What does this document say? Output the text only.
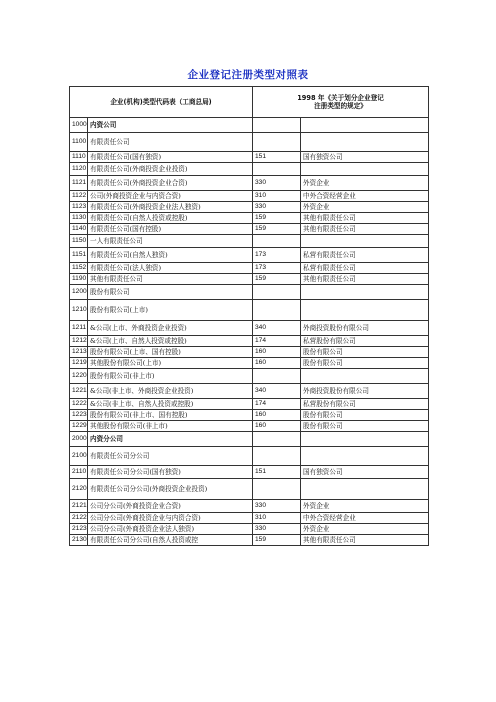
企业登记注册类型对照表
企业(机构)类型代码表（工商总局)		1998 年《关于划分企业登记
注册类型的规定》	

1000	内资公司		
1100	有限责任公司		
1110	有限责任公司(国有独资)	151	国有独资公司
1120	有限责任公司(外商投资企业投资)		
1121	有限责任公司(外商投资企业合资)	330	外资企业
1122	公司(外商投资企业与内资合资)	310	中外合资经营企业
1123	有限责任公司(外商投资企业法人独资)	330	外资企业
1130	有限责任公司(自然人投资或控股)	159	其他有限责任公司
1140	有限责任公司(国有控股)	159	其他有限责任公司
1150	一人有限责任公司		
1151	有限责任公司(自然人独资)	173	私营有限责任公司
1152	有限责任公司(法人独资)	173	私营有限责任公司
1190	其他有限责任公司	159	其他有限责任公司
1200	股份有限公司		
1210	股份有限公司(上市)		
1211	&公司(上市、外商投资企业投资)	340	外商投资股份有限公司
1212	&公司(上市、自然人投资或控股)	174	私营股份有限公司
1213	股份有限公司(上市、国有控股)	160	股份有限公司
1219	其他股份有限公司(上市)	160	股份有限公司
1220	股份有限公司(非上市)		
1221	&公司(非上市、外商投资企业投资)	340	外商投资股份有限公司
1222	&公司(非上市、自然人投资或控股)	174	私营股份有限公司
1223	股份有限公司(非上市、国有控股)	160	股份有限公司
1229	其他股份有限公司(非上市)	160	股份有限公司
2000	内资分公司		
2100	有限责任公司分公司		
2110	有限责任公司分公司(国有独资)	151	国有独资公司
2120	有限责任公司分公司(外商投资企业投资)		
2121	公司分公司(外商投资企业合资)	330	外资企业
2122	公司分公司(外商投资企业与内资合资)	310	中外合资经营企业
2123	公司分公司(外商投资企业法人独资)	330	外资企业
2130	有限责任公司分公司(自然人投资或控	159	其他有限责任公司
